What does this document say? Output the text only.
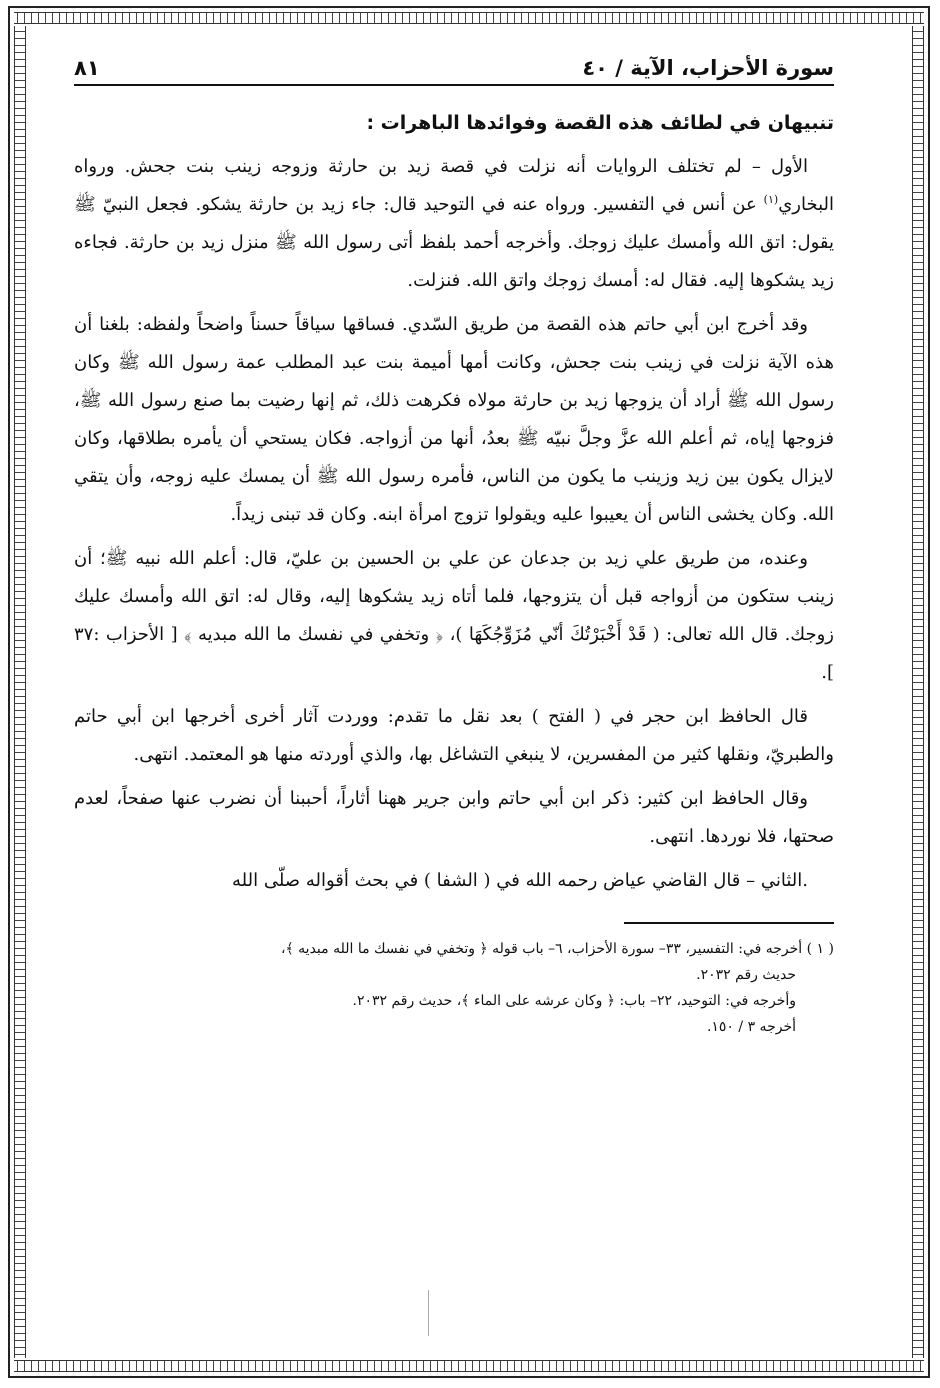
سورة الأحزاب، الآية / ٤٠
٨١
تنبيهان في لطائف هذه القصة وفوائدها الباهرات :

الأول – لم تختلف الروايات أنه نزلت في قصة زيد بن حارثة وزوجه زينب بنت جحش. ورواه البخاري$^{(١)}$ عن أنس في التفسير. ورواه عنه في التوحيد قال: جاء زيد بن حارثة يشكو. فجعل النبيّ ﷺ يقول: اتق الله وأمسك عليك زوجك. وأخرجه أحمد بلفظ أتى رسول الله ﷺ منزل زيد بن حارثة. فجاءه زيد يشكوها إليه. فقال له: أمسك زوجك واتق الله. فنزلت.

وقد أخرج ابن أبي حاتم هذه القصة من طريق السّدي. فساقها سياقاً حسناً واضحاً ولفظه: بلغنا أن هذه الآية نزلت في زينب بنت جحش، وكانت أمها أميمة بنت عبد المطلب عمة رسول الله ﷺ وكان رسول الله ﷺ أراد أن يزوجها زيد بن حارثة مولاه فكرهت ذلك، ثم إنها رضيت بما صنع رسول الله ﷺ، فزوجها إياه، ثم أعلم الله عزَّ وجلَّ نبيّه ﷺ بعدُ، أنها من أزواجه. فكان يستحي أن يأمره بطلاقها، وكان لايزال يكون بين زيد وزينب ما يكون من الناس، فأمره رسول الله ﷺ أن يمسك عليه زوجه، وأن يتقي الله. وكان يخشى الناس أن يعيبوا عليه ويقولوا تزوج امرأة ابنه. وكان قد تبنى زيداً.

وعنده، من طريق علي زيد بن جدعان عن علي بن الحسين بن عليّ، قال: أعلم الله نبيه ﷺ؛ أن زينب ستكون من أزواجه قبل أن يتزوجها، فلما أتاه زيد يشكوها إليه، وقال له: اتق الله وأمسك عليك زوجك. قال الله تعالى: ( قَدْ أَخْبَرْتُكَ أنّي مُزَوِّجُكَهَا )، ﴿ وتخفي في نفسك ما الله مبديه ﴾ [ الأحزاب :٣٧ ].

قال الحافظ ابن حجر في ( الفتح ) بعد نقل ما تقدم: ووردت آثار أخرى أخرجها ابن أبي حاتم والطبريّ، ونقلها كثير من المفسرين، لا ينبغي التشاغل بها، والذي أوردته منها هو المعتمد. انتهى.

وقال الحافظ ابن كثير: ذكر ابن أبي حاتم وابن جرير ههنا أثاراً، أحببنا أن نضرب عنها صفحاً، لعدم صحتها، فلا نوردها. انتهى.

.الثاني – قال القاضي عياض رحمه الله في ( الشفا ) في بحث أقواله صلّى الله

( ١ ) أخرجه في: التفسير، ٣٣– سورة الأحزاب، ٦– باب قوله ﴿ وتخفي في نفسك ما الله مبديه ﴾،

حديث رقم ٢٠٣٢.

وأخرجه في: التوحيد، ٢٢– باب: ﴿ وكان عرشه على الماء ﴾، حديث رقم ٢٠٣٢.

أخرجه ٣ / ١٥٠.
